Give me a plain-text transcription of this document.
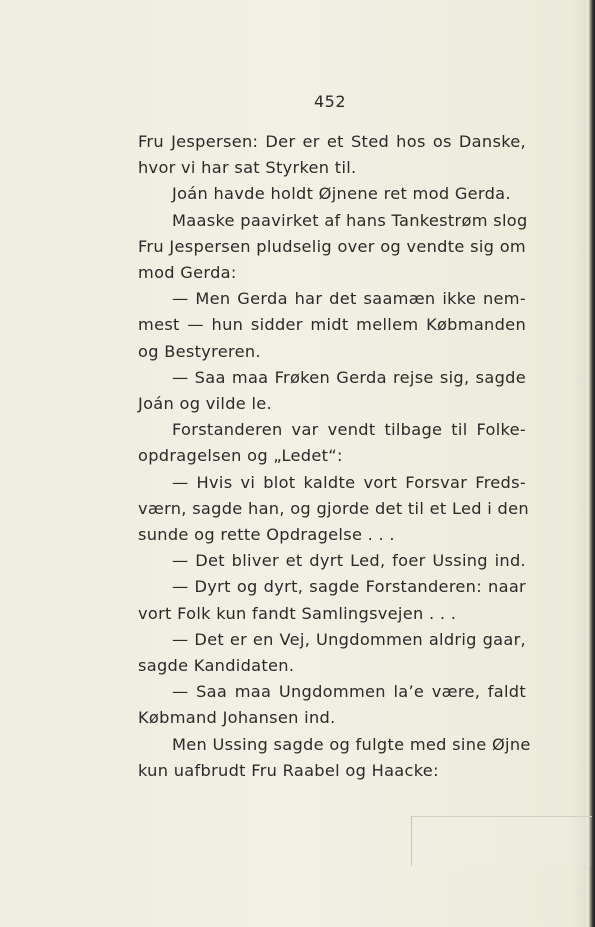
452
Fru Jespersen: Der er et Sted hos os Danske,
hvor vi har sat Styrken til.
Joán havde holdt Øjnene ret mod Gerda.
Maaske paavirket af hans Tankestrøm slog
Fru Jespersen pludselig over og vendte sig om
mod Gerda:
— Men Gerda har det saamæn ikke nem-
mest — hun sidder midt mellem Købmanden
og Bestyreren.
— Saa maa Frøken Gerda rejse sig, sagde
Joán og vilde le.
Forstanderen var vendt tilbage til Folke-
opdragelsen og „Ledet“:
— Hvis vi blot kaldte vort Forsvar Freds-
værn, sagde han, og gjorde det til et Led i den
sunde og rette Opdragelse . . .
— Det bliver et dyrt Led, foer Ussing ind.
— Dyrt og dyrt, sagde Forstanderen: naar
vort Folk kun fandt Samlingsvejen . . .
— Det er en Vej, Ungdommen aldrig gaar,
sagde Kandidaten.
— Saa maa Ungdommen la’e være, faldt
Købmand Johansen ind.
Men Ussing sagde og fulgte med sine Øjne
kun uafbrudt Fru Raabel og Haacke:
